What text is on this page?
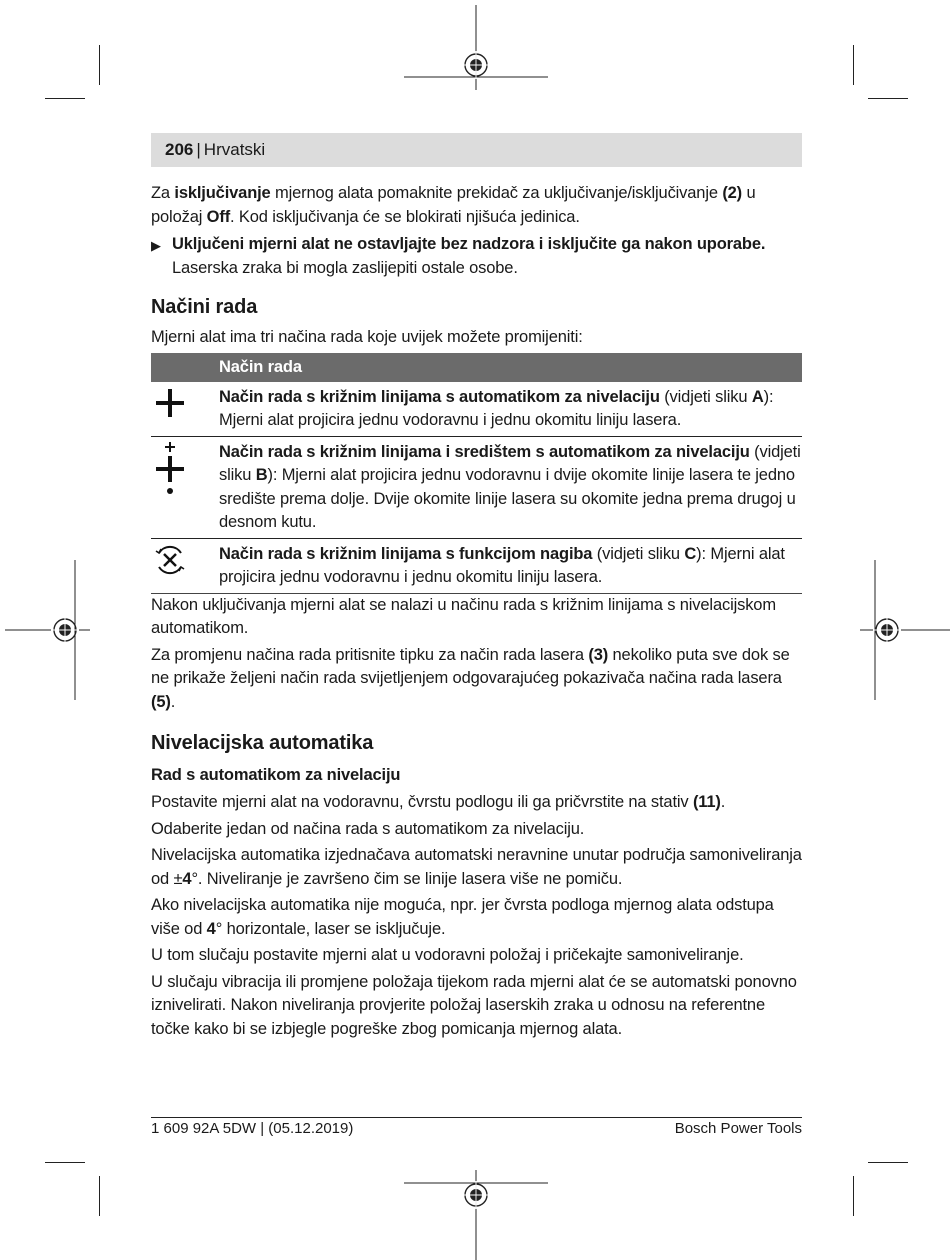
206 | Hrvatski

Za isključivanje mjernog alata pomaknite prekidač za uključivanje/isključivanje (2) u položaj Off. Kod isključivanja će se blokirati njišuća jedinica.

▶ Uključeni mjerni alat ne ostavljajte bez nadzora i isključite ga nakon uporabe.
Laserska zraka bi mogla zaslijepiti ostale osobe.
Načini rada

Mjerni alat ima tri načina rada koje uvijek možete promijeniti:

	Način rada

	Način rada s križnim linijama s automatikom za nivelaciju (vidjeti sliku A): Mjerni alat projicira jednu vodoravnu i jednu okomitu liniju lasera.

	Način rada s križnim linijama i središtem s automatikom za nivelaciju (vidjeti sliku B): Mjerni alat projicira jednu vodoravnu i dvije okomite linije lasera te jedno središte prema dolje. Dvije okomite linije lasera su okomite jedna prema drugoj u desnom kutu.

	Način rada s križnim linijama s funkcijom nagiba (vidjeti sliku C): Mjerni alat projicira jednu vodoravnu i jednu okomitu liniju lasera.

Nakon uključivanja mjerni alat se nalazi u načinu rada s križnim linijama s nivelacijskom automatikom.

Za promjenu načina rada pritisnite tipku za način rada lasera (3) nekoliko puta sve dok se ne prikaže željeni način rada svijetljenjem odgovarajućeg pokazivača načina rada lasera (5).

Nivelacijska automatika
Rad s automatikom za nivelaciju

Postavite mjerni alat na vodoravnu, čvrstu podlogu ili ga pričvrstite na stativ (11).

Odaberite jedan od načina rada s automatikom za nivelaciju.

Nivelacijska automatika izjednačava automatski neravnine unutar područja samoniveliranja od ±4°. Niveliranje je završeno čim se linije lasera više ne pomiču.

Ako nivelacijska automatika nije moguća, npr. jer čvrsta podloga mjernog alata odstupa više od 4° horizontale, laser se isključuje.

U tom slučaju postavite mjerni alat u vodoravni položaj i pričekajte samoniveliranje.

U slučaju vibracija ili promjene položaja tijekom rada mjerni alat će se automatski ponovno iznivelirati. Nakon niveliranja provjerite položaj laserskih zraka u odnosu na referentne točke kako bi se izbjegle pogreške zbog pomicanja mjernog alata.

1 609 92A 5DW | (05.12.2019)	Bosch Power Tools
